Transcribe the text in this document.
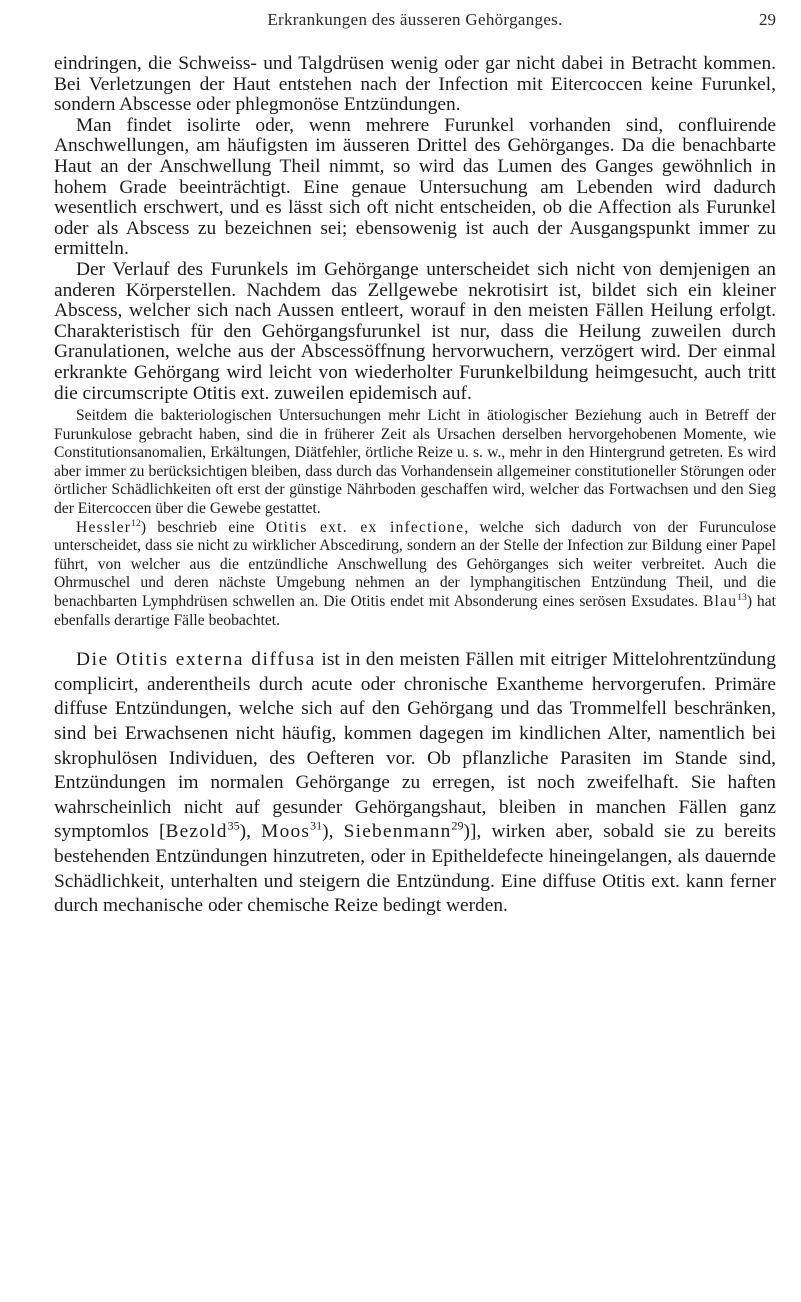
Erkrankungen des äusseren Gehörganges.	29

eindringen, die Schweiss- und Talgdrüsen wenig oder gar nicht dabei in Betracht kommen. Bei Verletzungen der Haut entstehen nach der Infection mit Eitercoccen keine Furunkel, sondern Abscesse oder phlegmonöse Entzündungen.

Man findet isolirte oder, wenn mehrere Furunkel vorhanden sind, confluirende Anschwellungen, am häufigsten im äusseren Drittel des Gehörganges. Da die benachbarte Haut an der Anschwellung Theil nimmt, so wird das Lumen des Ganges gewöhnlich in hohem Grade beeinträchtigt. Eine genaue Untersuchung am Lebenden wird dadurch wesentlich erschwert, und es lässt sich oft nicht entscheiden, ob die Affection als Furunkel oder als Abscess zu bezeichnen sei; ebensowenig ist auch der Ausgangspunkt immer zu ermitteln.

Der Verlauf des Furunkels im Gehörgange unterscheidet sich nicht von demjenigen an anderen Körperstellen. Nachdem das Zellgewebe nekrotisirt ist, bildet sich ein kleiner Abscess, welcher sich nach Aussen entleert, worauf in den meisten Fällen Heilung erfolgt. Charakteristisch für den Gehörgangsfurunkel ist nur, dass die Heilung zuweilen durch Granulationen, welche aus der Abscessöffnung hervorwuchern, verzögert wird. Der einmal erkrankte Gehörgang wird leicht von wiederholter Furunkelbildung heimgesucht, auch tritt die circumscripte Otitis ext. zuweilen epidemisch auf.

Seitdem die bakteriologischen Untersuchungen mehr Licht in ätiologischer Beziehung auch in Betreff der Furunkulose gebracht haben, sind die in früherer Zeit als Ursachen derselben hervorgehobenen Momente, wie Constitutionsanomalien, Erkältungen, Diätfehler, örtliche Reize u. s. w., mehr in den Hintergrund getreten. Es wird aber immer zu berücksichtigen bleiben, dass durch das Vorhandensein allgemeiner constitutioneller Störungen oder örtlicher Schädlichkeiten oft erst der günstige Nährboden geschaffen wird, welcher das Fortwachsen und den Sieg der Eitercoccen über die Gewebe gestattet.

Hessler$^{12}$) beschrieb eine Otitis ext. ex infectione, welche sich dadurch von der Furunculose unterscheidet, dass sie nicht zu wirklicher Abscedirung, sondern an der Stelle der Infection zur Bildung einer Papel führt, von welcher aus die entzündliche Anschwellung des Gehörganges sich weiter verbreitet. Auch die Ohrmuschel und deren nächste Umgebung nehmen an der lymphangitischen Entzündung Theil, und die benachbarten Lymphdrüsen schwellen an. Die Otitis endet mit Absonderung eines serösen Exsudates. Blau$^{13}$) hat ebenfalls derartige Fälle beobachtet.

Die Otitis externa diffusa ist in den meisten Fällen mit eitriger Mittelohrentzündung complicirt, anderentheils durch acute oder chronische Exantheme hervorgerufen. Primäre diffuse Entzündungen, welche sich auf den Gehörgang und das Trommelfell beschränken, sind bei Erwachsenen nicht häufig, kommen dagegen im kindlichen Alter, namentlich bei skrophulösen Individuen, des Oefteren vor. Ob pflanzliche Parasiten im Stande sind, Entzündungen im normalen Gehörgange zu erregen, ist noch zweifelhaft. Sie haften wahrscheinlich nicht auf gesunder Gehörgangshaut, bleiben in manchen Fällen ganz symptomlos [Bezold$^{35}$), Moos$^{31}$), Siebenmann$^{29}$)], wirken aber, sobald sie zu bereits bestehenden Entzündungen hinzutreten, oder in Epitheldefecte hineingelangen, als dauernde Schädlichkeit, unterhalten und steigern die Entzündung. Eine diffuse Otitis ext. kann ferner durch mechanische oder chemische Reize bedingt werden.
